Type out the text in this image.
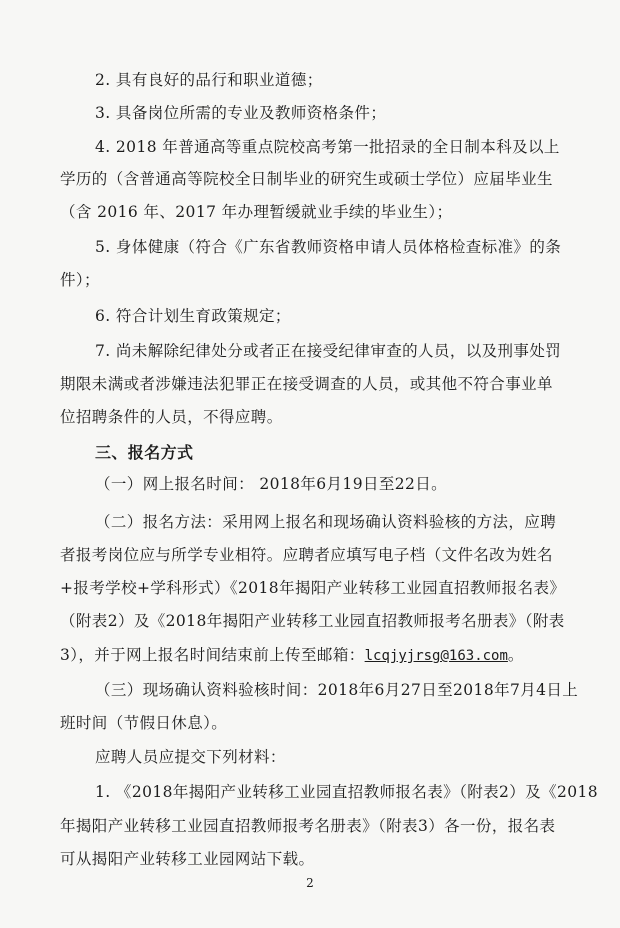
2. 具有良好的品行和职业道德；
3. 具备岗位所需的专业及教师资格条件；
4. 2018 年普通高等重点院校高考第一批招录的全日制本科及以上
学历的（含普通高等院校全日制毕业的研究生或硕士学位）应届毕业生
（含 2016 年、2017 年办理暂缓就业手续的毕业生）；
5. 身体健康（符合《广东省教师资格申请人员体格检查标准》的条
件）；
6. 符合计划生育政策规定；
7. 尚未解除纪律处分或者正在接受纪律审查的人员，以及刑事处罚
期限未满或者涉嫌违法犯罪正在接受调查的人员，或其他不符合事业单
位招聘条件的人员，不得应聘。
三、报名方式
（一）网上报名时间： 2018年6月19日至22日。
（二）报名方法：采用网上报名和现场确认资料验核的方法，应聘
者报考岗位应与所学专业相符。应聘者应填写电子档（文件名改为姓名
+报考学校+学科形式）《2018年揭阳产业转移工业园直招教师报名表》
（附表2）及《2018年揭阳产业转移工业园直招教师报考名册表》（附表
3），并于网上报名时间结束前上传至邮箱：lcqjyjrsg@163.com。
（三）现场确认资料验核时间：2018年6月27日至2018年7月4日上
班时间（节假日休息）。
应聘人员应提交下列材料：
1. 《2018年揭阳产业转移工业园直招教师报名表》（附表2）及《2018
年揭阳产业转移工业园直招教师报考名册表》（附表3）各一份，报名表
可从揭阳产业转移工业园网站下载。
2
